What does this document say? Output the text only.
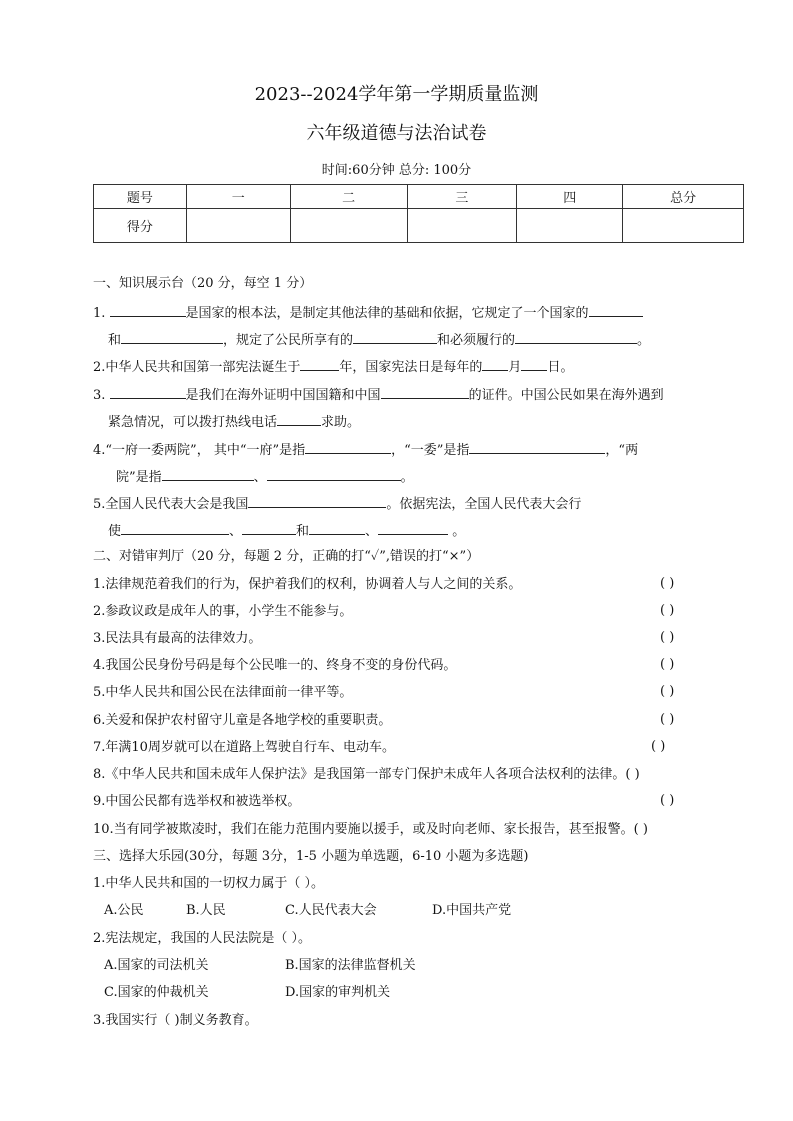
2023--2024学年第一学期质量监测
六年级道德与法治试卷
时间:60分钟 总分: 100分
题号	一	二	三	四	总分
得分					
一、知识展示台（20 分，每空 1 分）
1.	是国家的根本法，是制定其他法律的基础和依据，它规定了一个国家的
和	，规定了公民所享有的	和必须履行的	。
2.中华人民共和国第一部宪法诞生于	年，国家宪法日是每年的 月 日。
3.	是我们在海外证明中国国籍和中国	的证件。中国公民如果在海外遇到
紧急情况，可以拨打热线电话	求助。
4.“一府一委两院”， 其中“一府”是指	，“一委”是指	，“两
院”是指	、	。
5.全国人民代表大会是我国	。依据宪法，全国人民代表大会行
使	、	和	、	。
二、对错审判厅（20 分，每题 2 分，正确的打“✓”,错误的打“×”）
1.法律规范着我们的行为，保护着我们的权利，协调着人与人之间的关系。	( )
2.参政议政是成年人的事，小学生不能参与。	( )
3.民法具有最高的法律效力。	( )
4.我国公民身份号码是每个公民唯一的、终身不变的身份代码。	( )
5.中华人民共和国公民在法律面前一律平等。	( )
6.关爱和保护农村留守儿童是各地学校的重要职责。	( )
7.年满10周岁就可以在道路上驾驶自行车、电动车。	( )
8.《中华人民共和国未成年人保护法》是我国第一部专门保护未成年人各项合法权利的法律。( )
9.中国公民都有选举权和被选举权。	( )
10.当有同学被欺凌时，我们在能力范围内要施以援手，或及时向老师、家长报告，甚至报警。( )
三、选择大乐园(30分，每题 3分，1-5 小题为单选题，6-10 小题为多选题)
1.中华人民共和国的一切权力属于（ ）。
A.公民	B.人民	C.人民代表大会	D.中国共产党
2.宪法规定，我国的人民法院是（ ）。
A.国家的司法机关	B.国家的法律监督机关
C.国家的仲裁机关	D.国家的审判机关
3.我国实行（ )制义务教育。
